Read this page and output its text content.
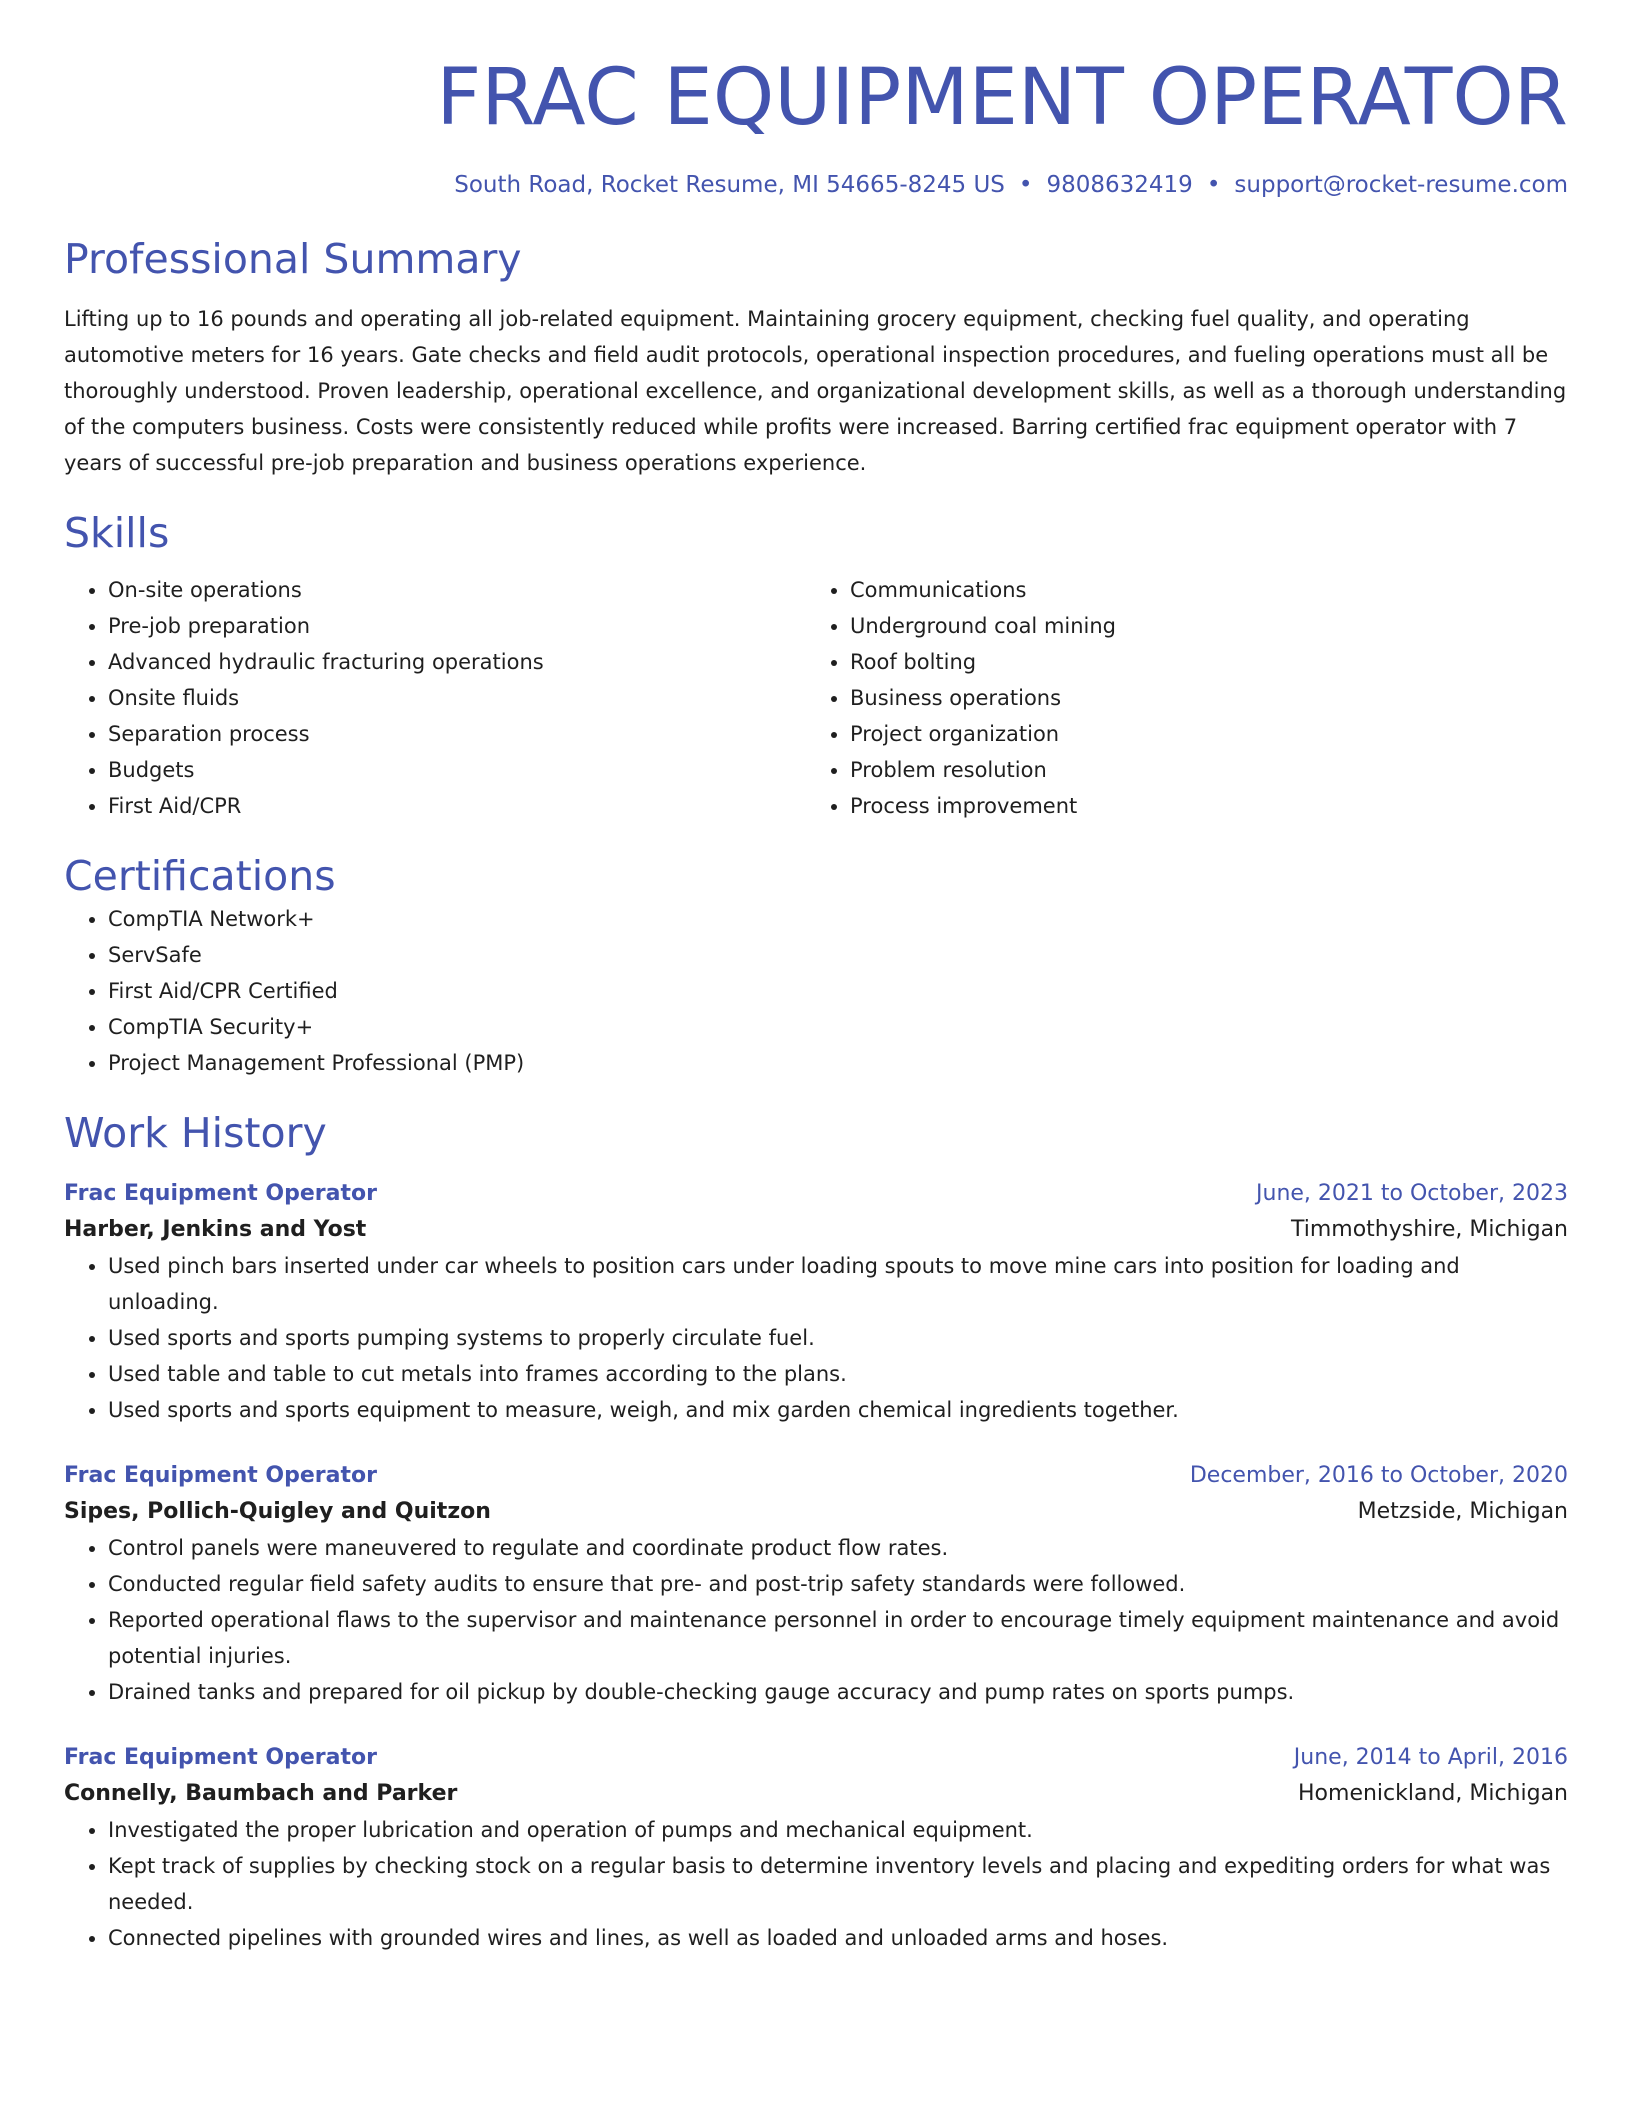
FRAC EQUIPMENT OPERATOR
South Road, Rocket Resume, MI 54665-8245 US • 9808632419 • support@rocket-resume.com
Professional Summary

Lifting up to 16 pounds and operating all job-related equipment. Maintaining grocery equipment, checking fuel quality, and operating automotive meters for 16 years. Gate checks and field audit protocols, operational inspection procedures, and fueling operations must all be thoroughly understood. Proven leadership, operational excellence, and organizational development skills, as well as a thorough understanding of the computers business. Costs were consistently reduced while profits were increased. Barring certified frac equipment operator with 7 years of successful pre-job preparation and business operations experience.

Skills
• On-site operations
• Pre-job preparation
• Advanced hydraulic fracturing operations
• Onsite fluids
• Separation process
• Budgets
• First Aid/CPR
• Communications
• Underground coal mining
• Roof bolting
• Business operations
• Project organization
• Problem resolution
• Process improvement
Certifications
• CompTIA Network+
• ServSafe
• First Aid/CPR Certified
• CompTIA Security+
• Project Management Professional (PMP)
Work History
Frac Equipment Operator	June, 2021 to October, 2023
Harber, Jenkins and Yost	Timmothyshire, Michigan
• Used pinch bars inserted under car wheels to position cars under loading spouts to move mine cars into position for loading and unloading.
• Used sports and sports pumping systems to properly circulate fuel.
• Used table and table to cut metals into frames according to the plans.
• Used sports and sports equipment to measure, weigh, and mix garden chemical ingredients together.
Frac Equipment Operator	December, 2016 to October, 2020
Sipes, Pollich-Quigley and Quitzon	Metzside, Michigan
• Control panels were maneuvered to regulate and coordinate product flow rates.
• Conducted regular field safety audits to ensure that pre- and post-trip safety standards were followed.
• Reported operational flaws to the supervisor and maintenance personnel in order to encourage timely equipment maintenance and avoid potential injuries.
• Drained tanks and prepared for oil pickup by double-checking gauge accuracy and pump rates on sports pumps.
Frac Equipment Operator	June, 2014 to April, 2016
Connelly, Baumbach and Parker	Homenickland, Michigan
• Investigated the proper lubrication and operation of pumps and mechanical equipment.
• Kept track of supplies by checking stock on a regular basis to determine inventory levels and placing and expediting orders for what was needed.
• Connected pipelines with grounded wires and lines, as well as loaded and unloaded arms and hoses.
